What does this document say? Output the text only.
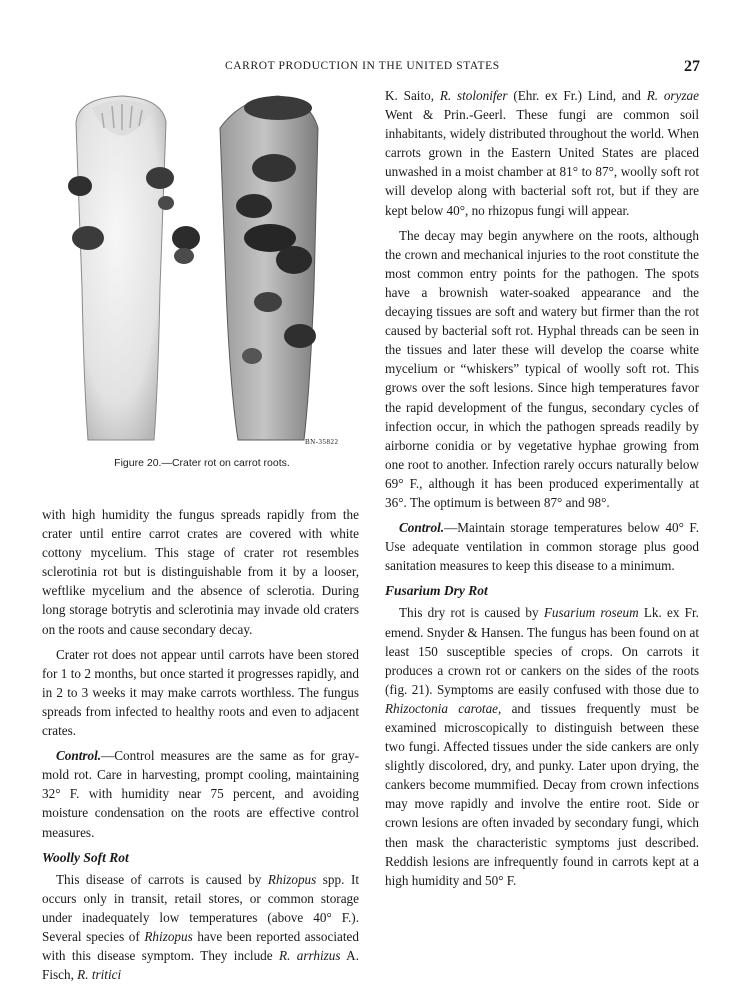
CARROT PRODUCTION IN THE UNITED STATES	27
BN-35822
Figure 20.—Crater rot on carrot roots.

with high humidity the fungus spreads rapidly from the crater until entire carrot crates are covered with white cottony mycelium. This stage of crater rot resembles sclerotinia rot but is distinguishable from it by a looser, weftlike mycelium and the absence of sclerotia. During long storage botrytis and sclerotinia may invade old craters on the roots and cause secondary decay.

Crater rot does not appear until carrots have been stored for 1 to 2 months, but once started it progresses rapidly, and in 2 to 3 weeks it may make carrots worthless. The fungus spreads from infected to healthy roots and even to adjacent crates.

Control.—Control measures are the same as for gray-mold rot. Care in harvesting, prompt cooling, maintaining 32° F. with humidity near 75 percent, and avoiding moisture condensation on the roots are effective control measures.

Woolly Soft Rot

This disease of carrots is caused by Rhizopus spp. It occurs only in transit, retail stores, or common storage under inadequately low temperatures (above 40° F.). Several species of Rhizopus have been reported associated with this disease symptom. They include R. arrhizus A. Fisch, R. tritici

K. Saito, R. stolonifer (Ehr. ex Fr.) Lind, and R. oryzae Went & Prin.-Geerl. These fungi are common soil inhabitants, widely distributed throughout the world. When carrots grown in the Eastern United States are placed unwashed in a moist chamber at 81° to 87°, woolly soft rot will develop along with bacterial soft rot, but if they are kept below 40°, no rhizopus fungi will appear.

The decay may begin anywhere on the roots, although the crown and mechanical injuries to the root constitute the most common entry points for the pathogen. The spots have a brownish water-soaked appearance and the decaying tissues are soft and watery but firmer than the rot caused by bacterial soft rot. Hyphal threads can be seen in the tissues and later these will develop the coarse white mycelium or “whiskers” typical of woolly soft rot. This grows over the soft lesions. Since high temperatures favor the rapid development of the fungus, secondary cycles of infection occur, in which the pathogen spreads readily by airborne conidia or by vegetative hyphae growing from one root to another. Infection rarely occurs naturally below 69° F., although it has been produced experimentally at 36°. The optimum is between 87° and 98°.

Control.—Maintain storage temperatures below 40° F. Use adequate ventilation in common storage plus good sanitation measures to keep this disease to a minimum.

Fusarium Dry Rot

This dry rot is caused by Fusarium roseum Lk. ex Fr. emend. Snyder & Hansen. The fungus has been found on at least 150 susceptible species of crops. On carrots it produces a crown rot or cankers on the sides of the roots (fig. 21). Symptoms are easily confused with those due to Rhizoctonia carotae, and tissues frequently must be examined microscopically to distinguish between these two fungi. Affected tissues under the side cankers are only slightly discolored, dry, and punky. Later upon drying, the cankers become mummified. Decay from crown infections may move rapidly and involve the entire root. Side or crown lesions are often invaded by secondary fungi, which then mask the characteristic symptoms just described. Reddish lesions are infrequently found in carrots kept at a high humidity and 50° F.
